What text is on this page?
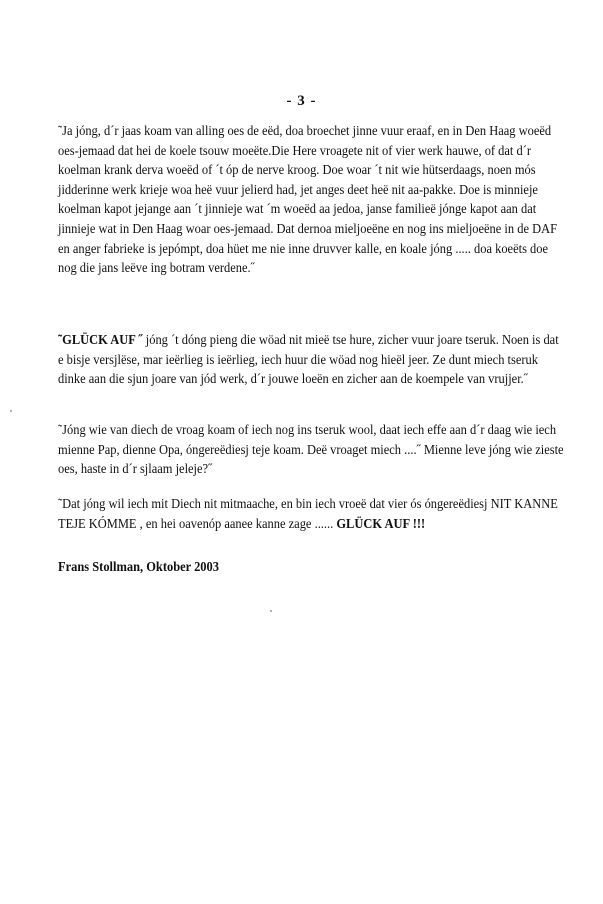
- 3 -

˜Ja jóng, d´r jaas koam van alling oes de eëd, doa broechet jinne vuur eraaf, en in Den Haag woeëd oes-jemaad dat hei de koele tsouw moeëte.Die Here vroagete nit of vier werk hauwe, of dat d´r koelman krank derva woeëd of ´t óp de nerve kroog. Doe woar ´t nit wie hütserdaags, noen mós jidderinne werk krieje woa heë vuur jelierd had, jet anges deet heë nit aa-pakke. Doe is minnieje koelman kapot jejange aan ´t jinnieje wat ´m woeëd aa jedoa, janse familieë jónge kapot aan dat jinnieje wat in Den Haag woar oes-jemaad. Dat dernoa mieljoeëne en nog ins mieljoeëne in de DAF en anger fabrieke is jepómpt, doa hüet me nie inne druvver kalle, en koale jóng ..... doa koeëts doe nog die jans leëve ing botram verdene.˝

˜GLÜCK AUF ˝ jóng ´t dóng pieng die wöad nit mieë tse hure, zicher vuur joare tseruk. Noen is dat e bisje versjlëse, mar ieërlieg is ieërlieg, iech huur die wöad nog hieël jeer. Ze dunt miech tseruk dinke aan die sjun joare van jód werk, d´r jouwe loeën en zicher aan de koempele van vrujjer.˝

˜Jóng wie van diech de vroag koam of iech nog ins tseruk wool, daat iech effe aan d´r daag wie iech mienne Pap, dienne Opa, óngereëdiesj teje koam. Deë vroaget miech ....˝ Mienne leve jóng wie zieste oes, haste in d´r sjlaam jeleje?˝

˜Dat jóng wil iech mit Diech nit mitmaache, en bin iech vroeë dat vier ós óngereëdiesj NIT KANNE TEJE KÓMME , en hei oavenóp aanee kanne zage ...... GLÜCK AUF !!!

Frans Stollman, Oktober 2003
